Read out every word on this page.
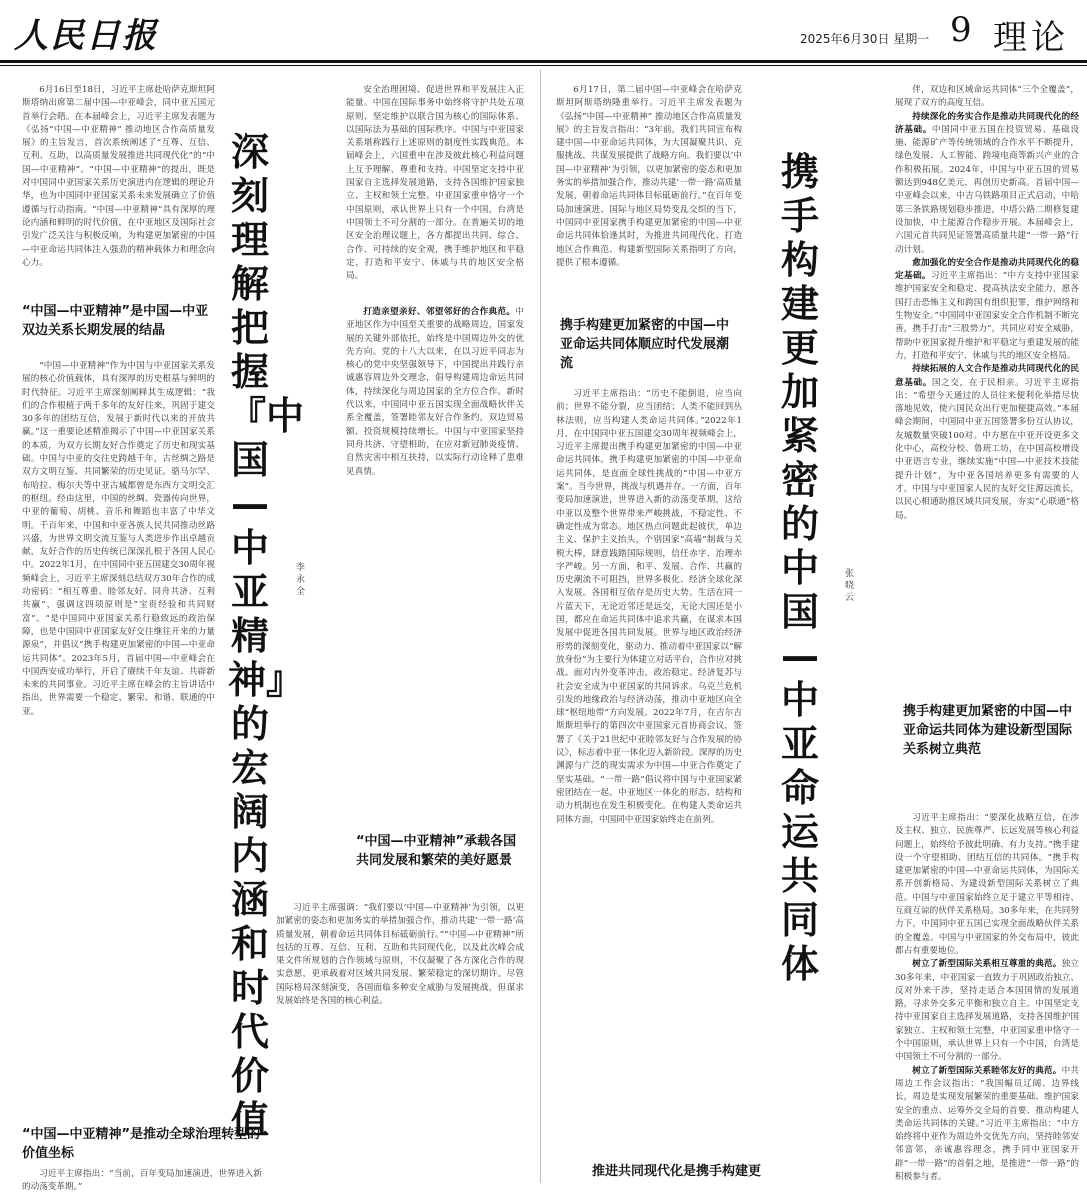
人民日报	2025年6月30日 星期一 9 理论

6月16日至18日，习近平主席赴哈萨克斯坦阿斯塔纳出席第二届中国—中亚峰会，同中亚五国元首举行会晤。在本届峰会上，习近平主席发表题为《弘扬“中国—中亚精神” 推动地区合作高质量发展》的主旨发言，首次系统阐述了“互尊、互信、互利、互助，以高质量发展推进共同现代化”的“中国—中亚精神”。“中国—中亚精神”的提出，既是对中国同中亚国家关系历史演进内在逻辑的理论升华，也为中国同中亚国家关系未来发展确立了价值遵循与行动指南。“中国—中亚精神”具有深厚的理论内涵和鲜明的时代价值，在中亚地区及国际社会引发广泛关注与积极反响，为构建更加紧密的中国—中亚命运共同体注入强劲的精神载体力和理念向心力。

“中国—中亚精神”是中国—中亚双边关系长期发展的结晶

“中国—中亚精神”作为中国与中亚国家关系发展的核心价值载体，具有深厚的历史根基与鲜明的时代特征。习近平主席深刻阐释其生成逻辑：“我们的合作根植于两千多年的友好往来，巩固于建交30多年的团结互信，发展于新时代以来的开放共赢。”这一重要论述精准揭示了中国—中亚国家关系的本质，为双方长期友好合作奠定了历史和现实基础。中国与中亚的交往史跨越千年，古丝绸之路是双方文明互鉴、共同繁荣的历史见证。骆马尔罕、布哈拉、梅尔夫等中亚古城都曾是东西方文明交汇的枢纽。经由这里，中国的丝绸、瓷器传向世界，中亚的葡萄、胡桃、音乐和舞蹈也丰富了中华文明。千百年来，中国和中亚各族人民共同推动丝路兴盛，为世界文明交流互鉴与人类进步作出卓越贡献，友好合作的历史传统已深深扎根于各国人民心中。2022年1月，在中国同中亚五国建交30周年视频峰会上，习近平主席深刻总结双方30年合作的成功密码：“相互尊重、睦邻友好、同舟共济、互利共赢”，强调这四项原则是“宝贵经验和共同财富”。“是中国同中亚国家关系行稳致远的政治保障，也是中国同中亚国家友好交往继往开来的力量源泉”，并倡议“携手构建更加紧密的中国—中亚命运共同体”。2023年5月，首届中国—中亚峰会在中国西安成功举行，开启了赓续千年友谊、共辟新未来的共同事业。习近平主席在峰会的主旨讲话中指出，世界需要一个稳定、繁荣、和谐、联通的中亚。

“中国—中亚精神”是推动全球治理转型的价值坐标

习近平主席指出：“当前，百年变局加速演进，世界进入新的动荡变革期。”

深刻理解把握『中国—中亚精神』的宏阔内涵和时代价值
李永全

安全治理困境、促进世界和平发展注入正能量。中国在国际事务中始终将守护共处五项原则、坚定维护以联合国为核心的国际体系、以国际法为基础的国际秩序。中国与中亚国家关系堪称践行上述原则的制度性实践典范。本届峰会上，六国重申在涉及彼此核心利益问题上互予理解、尊重和支持。中国坚定支持中亚国家自主选择发展道路，支持各国维护国家独立、主权和领土完整。中亚国家重申恪守一个中国原则，承认世界上只有一个中国，台湾是中国领土不可分割的一部分。在普遍关切的地区安全治理议题上，各方都提出共同、综合、合作、可持续的安全观，携手维护地区和平稳定，打造和平安宁、休戚与共的地区安全格局。

打造亲望亲好、邻望邻好的合作典范。中亚地区作为中国至关重要的战略周边，国家发展的关键外部依托，始终是中国周边外交的优先方向。党的十八大以来，在以习近平同志为核心的党中央坚强领导下，中国提出并践行亲诚惠容周边外交理念，倡导构建周边命运共同体，持续深化与周边国家的全方位合作。新时代以来，中国同中亚五国实现全面战略伙伴关系全覆盖，签署睦邻友好合作条约，双边贸易额、投资规模持续增长。中国与中亚国家坚持同舟共济、守望相助，在应对新冠肺炎疫情、自然灾害中相互扶持，以实际行动诠释了患难见真情。

“中国—中亚精神”承载各国共同发展和繁荣的美好愿景

习近平主席强调：“我们要以‘中国—中亚精神’为引领，以更加紧密的姿态和更加务实的举措加强合作，推动共建‘一带一路’高质量发展，朝着命运共同体目标砥砺前行。”“中国—中亚精神”所包括的互尊、互信、互利、互助和共同现代化，以及此次峰会成果文件所规划的合作领域与原则，不仅凝聚了各方深化合作的现实意愿，更承载着对区域共同发展、繁荣稳定的深切期许。尽管国际格局深刻演变，各国面临多种安全威胁与发展挑战，但谋求发展始终是各国的核心利益。

6月17日，第二届中国—中亚峰会在哈萨克斯坦阿斯塔纳隆重举行。习近平主席发表题为《弘扬“中国—中亚精神” 推动地区合作高质量发展》的主旨发言指出：“3年前，我们共同宣布构建中国—中亚命运共同体，为大国凝聚共识、克服挑战、共谋发展提供了战略方向。我们要以‘中国—中亚精神’为引领，以更加紧密的姿态和更加务实的举措加强合作，推动共建‘一带一路’高质量发展，朝着命运共同体目标砥砺前行。”在百年变局加速演进、国际与地区局势变乱交织的当下，中国同中亚国家携手构建更加紧密的中国—中亚命运共同体恰逢其时，为推进共同现代化、打造地区合作典范、构建新型国际关系指明了方向，提供了根本遵循。

携手构建更加紧密的中国—中亚命运共同体顺应时代发展潮流

习近平主席指出：“历史不能倒退，应当向前；世界不能分裂，应当团结；人类不能回到丛林法则，应当构建人类命运共同体。”2022年1月，在中国同中亚五国建交30周年视频峰会上，习近平主席提出携手构建更加紧密的中国—中亚命运共同体。携手构建更加紧密的中国—中亚命运共同体，是直面全球性挑战的“中国—中亚方案”。当今世界，挑战与机遇并存。一方面，百年变局加速演进，世界进入新的动荡变革期，这给中亚以及整个世界带来严峻挑战，不稳定性、不确定性成为常态。地区热点问题此起彼伏，单边主义、保护主义抬头，个别国家“高墙”制裁与关税大棒，肆意践踏国际规则，信任赤字、治理赤字严峻。另一方面，和平、发展、合作、共赢的历史潮流不可阻挡，世界多极化、经济全球化深入发展。各国相互依存是历史大势。生活在同一片蓝天下，无论近邻还是远交，无论大国还是小国，都应在命运共同体中追求共赢，在谋求本国发展中促进各国共同发展。世界与地区政治经济形势的深刻变化，驱动力、推动着中亚国家以“解放身份”为主要行为体建立对话平台，合作应对挑战。面对内外变革冲击，政治稳定、经济复苏与社会安全成为中亚国家的共同诉求。乌克兰危机引发的地缘政治与经济动荡，推动中亚地区向全球“枢纽地带”方向发展。2022年7月，在吉尔吉斯斯坦举行的第四次中亚国家元首协商会议，签署了《关于21世纪中亚睦邻友好与合作发展的协议》，标志着中亚一体化迈入新阶段。深厚的历史渊源与广泛的现实需求为中国—中亚合作奠定了坚实基础。“一带一路”倡议将中国与中亚国家紧密团结在一起。中亚地区一体化的形态、结构和动力机制也在发生积极变化。在构建人类命运共同体方面，中国同中亚国家始终走在前列。

推进共同现代化是携手构建更
携手构建更加紧密的中国—中亚命运共同体
张晓云

伴，双边和区域命运共同体“三个全覆盖”，展现了双方的高度互信。

持续深化的务实合作是推动共同现代化的经济基础。中国同中亚五国在投资贸易、基础设施、能源矿产等传统领域的合作水平不断提升，绿色发展、人工智能、跨境电商等新兴产业的合作积极拓展。2024年，中国与中亚五国的贸易额达到948亿美元，再创历史新高。首届中国—中亚峰会以来，中吉乌铁路项目正式启动，中哈第三条铁路规划稳步推进，中塔公路二期修复建设加快，中土能源合作稳步开展。本届峰会上，六国元首共同见证签署高质量共建“一带一路”行动计划。

愈加强化的安全合作是推动共同现代化的稳定基础。习近平主席指出：“中方支持中亚国家维护国家安全和稳定、提高执法安全能力，愿各国打击恐怖主义和跨国有组织犯罪，维护网络和生物安全。”中国同中亚国家安全合作机制不断完善，携手打击“三股势力”，共同应对安全威胁，帮助中亚国家提升维护和平稳定与重建发展的能力，打造和平安宁、休戚与共的地区安全格局。

持续拓展的人文合作是推动共同现代化的民意基础。国之交，在于民相亲。习近平主席指出：“希望今天通过的人员往来便利化举措尽快落地见效，使六国民众出行更加便捷高效。”本届峰会期间，中国同中亚五国签署多份互认协议，友城数量突破100对。中方愿在中亚开设更多文化中心，高校分校、鲁班工坊，在中国高校增设中亚语言专业，继续实施“中国—中亚技术技能提升计划”，为中亚各国培养更多有需要的人才。中国与中亚国家人民的友好交往源远流长，以民心相通助推区域共同发展，夯实“心联通”格局。

携手构建更加紧密的中国—中亚命运共同体为建设新型国际关系树立典范

习近平主席指出：“要深化战略互信，在涉及主权、独立、民族尊严、长远发展等核心利益问题上，始终给予彼此明确、有力支持。”携手建设一个守望相助、团结互信的共同体。“携手构建更加紧密的中国—中亚命运共同体，为国际关系开创新格局、为建设新型国际关系树立了典范。中国与中亚国家始终立足于建立平等相待、互商互谅的伙伴关系格局。30多年来，在共同努力下，中国同中亚五国已实现全面战略伙伴关系的全覆盖。中国与中亚国家的外交布局中，彼此都占有重要地位。

树立了新型国际关系相互尊重的典范。独立30多年来，中亚国家一直致力于巩固政治独立、反对外来干涉，坚持走适合本国国情的发展道路，寻求外交多元平衡和独立自主。中国坚定支持中亚国家自主选择发展道路，支持各国维护国家独立、主权和领土完整，中亚国家重申恪守一个中国原则，承认世界上只有一个中国，台湾是中国领土不可分割的一部分。

树立了新型国际关系睦邻友好的典范。中共周边工作会议指出：“我国幅员辽阔、边界线长，周边是实现发展繁荣的重要基础、维护国家安全的重点、运筹外交全局的首要、推动构建人类命运共同体的关键。”习近平主席指出：“中方始终将中亚作为周边外交优先方向，坚持睦邻安邻富邻，亲诚惠容理念，携手同中亚国家开辟“一带一路”的首倡之地，是推进“一带一路”的积极参与者。
